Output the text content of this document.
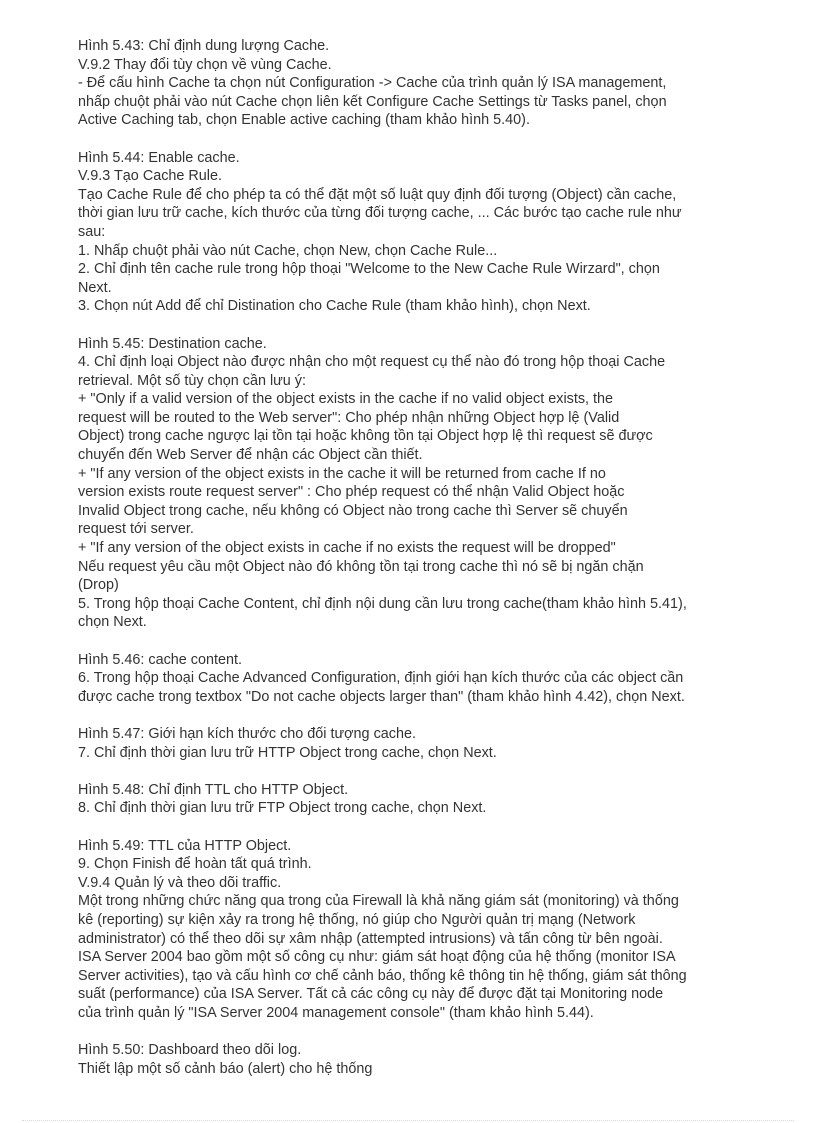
Hình 5.43: Chỉ định dung lượng Cache.
V.9.2 Thay đổi tùy chọn về vùng Cache.
- Để cấu hình Cache ta chọn nút Configuration -> Cache của trình quản lý ISA management,
nhấp chuột phải vào nút Cache chọn liên kết Configure Cache Settings từ Tasks panel, chọn
Active Caching tab, chọn Enable active caching (tham khảo hình 5.40).
Hình 5.44: Enable cache.
V.9.3 Tạo Cache Rule.
Tạo Cache Rule để cho phép ta có thể đặt một số luật quy định đối tượng (Object) cần cache,
thời gian lưu trữ cache, kích thước của từng đối tượng cache, ... Các bước tạo cache rule như
sau:
1. Nhấp chuột phải vào nút Cache, chọn New, chọn Cache Rule...
2. Chỉ định tên cache rule trong hộp thoại "Welcome to the New Cache Rule Wirzard", chọn
Next.
3. Chọn nút Add để chỉ Distination cho Cache Rule (tham khảo hình), chọn Next.
Hình 5.45: Destination cache.
4. Chỉ định loại Object nào được nhận cho một request cụ thể nào đó trong hộp thoại Cache
retrieval. Một số tùy chọn cần lưu ý:
+ "Only if a valid version of the object exists in the cache if no valid object exists, the
request will be routed to the Web server": Cho phép nhận những Object hợp lệ (Valid
Object) trong cache ngược lại tồn tại hoặc không tồn tại Object hợp lệ thì request sẽ được
chuyển đến Web Server để nhận các Object cần thiết.
+ "If any version of the object exists in the cache it will be returned from cache If no
version exists route request server" : Cho phép request có thể nhận Valid Object hoặc
Invalid Object trong cache, nếu không có Object nào trong cache thì Server sẽ chuyển
request tới server.
+ "If any version of the object exists in cache if no exists the request will be dropped"
Nếu request yêu cầu một Object nào đó không tồn tại trong cache thì nó sẽ bị ngăn chặn
(Drop)
5. Trong hộp thoại Cache Content, chỉ định nội dung cần lưu trong cache(tham khảo hình 5.41),
chọn Next.
Hình 5.46: cache content.
6. Trong hộp thoại Cache Advanced Configuration, định giới hạn kích thước của các object cần
được cache trong textbox "Do not cache objects larger than" (tham khảo hình 4.42), chọn Next.
Hình 5.47: Giới hạn kích thước cho đối tượng cache.
7. Chỉ định thời gian lưu trữ HTTP Object trong cache, chọn Next.
Hình 5.48: Chỉ định TTL cho HTTP Object.
8. Chỉ định thời gian lưu trữ FTP Object trong cache, chọn Next.
Hình 5.49: TTL của HTTP Object.
9. Chọn Finish để hoàn tất quá trình.
V.9.4 Quản lý và theo dõi traffic.
Một trong những chức năng qua trong của Firewall là khả năng giám sát (monitoring) và thống
kê (reporting) sự kiện xảy ra trong hệ thống, nó giúp cho Người quản trị mạng (Network
administrator) có thể theo dõi sự xâm nhập (attempted intrusions) và tấn công từ bên ngoài.
ISA Server 2004 bao gồm một số công cụ như: giám sát hoạt động của hệ thống (monitor ISA
Server activities), tạo và cấu hình cơ chế cảnh báo, thống kê thông tin hệ thống, giám sát thông
suất (performance) của ISA Server. Tất cả các công cụ này để được đặt tại Monitoring node
của trình quản lý "ISA Server 2004 management console" (tham khảo hình 5.44).
Hình 5.50: Dashboard theo dõi log.
Thiết lập một số cảnh báo (alert) cho hệ thống
